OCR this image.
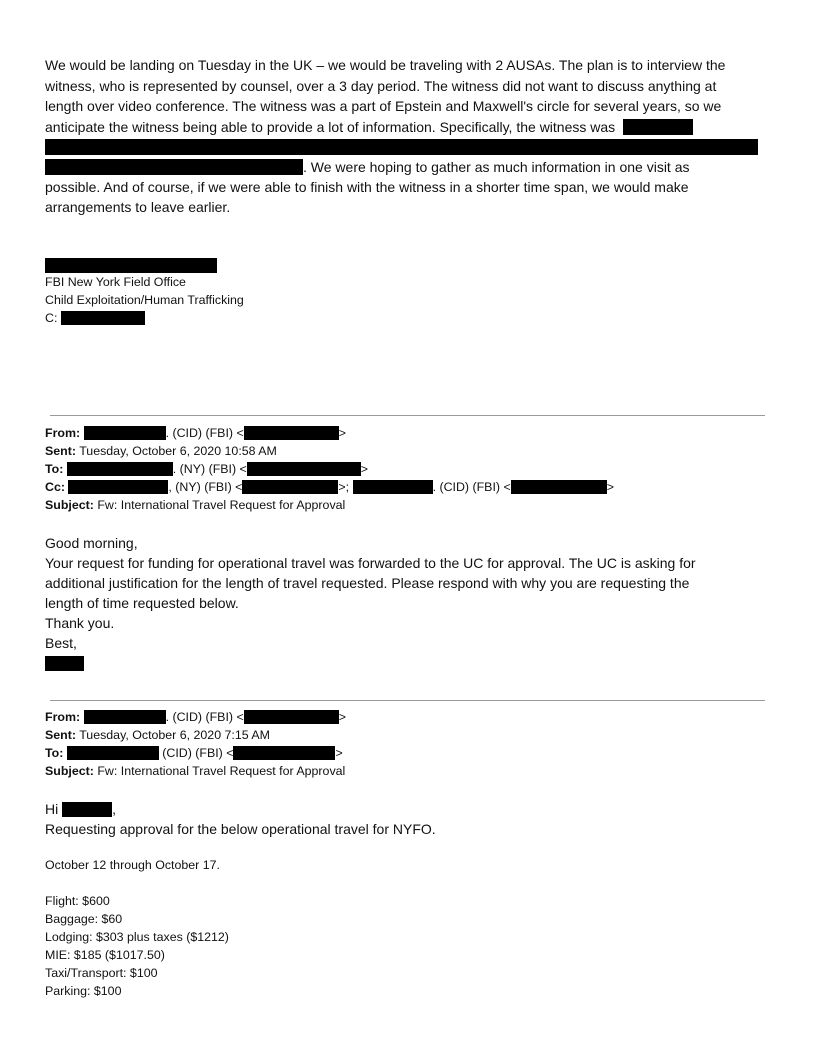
We would be landing on Tuesday in the UK – we would be traveling with 2 AUSAs. The plan is to interview the
witness, who is represented by counsel, over a 3 day period. The witness did not want to discuss anything at
length over video conference. The witness was a part of Epstein and Maxwell's circle for several years, so we
anticipate the witness being able to provide a lot of information. Specifically, the witness was
. We were hoping to gather as much information in one visit as
possible. And of course, if we were able to finish with the witness in a shorter time span, we would make
arrangements to leave earlier.
FBI New York Field Office
Child Exploitation/Human Trafficking
C:
From:	. (CID) (FBI) <	>
Sent: Tuesday, October 6, 2020 10:58 AM
To:	. (NY) (FBI) <	>
Cc:	, (NY) (FBI) <	>;	. (CID) (FBI) <	>
Subject: Fw: International Travel Request for Approval
Good morning,
Your request for funding for operational travel was forwarded to the UC for approval. The UC is asking for
additional justification for the length of travel requested. Please respond with why you are requesting the
length of time requested below.
Thank you.
Best,
From:	. (CID) (FBI) <	>
Sent: Tuesday, October 6, 2020 7:15 AM
To:	(CID) (FBI) <	>
Subject: Fw: International Travel Request for Approval
Hi	,
Requesting approval for the below operational travel for NYFO.
October 12 through October 17.
Flight: $600
Baggage: $60
Lodging: $303 plus taxes ($1212)
MIE: $185 ($1017.50)
Taxi/Transport: $100
Parking: $100
